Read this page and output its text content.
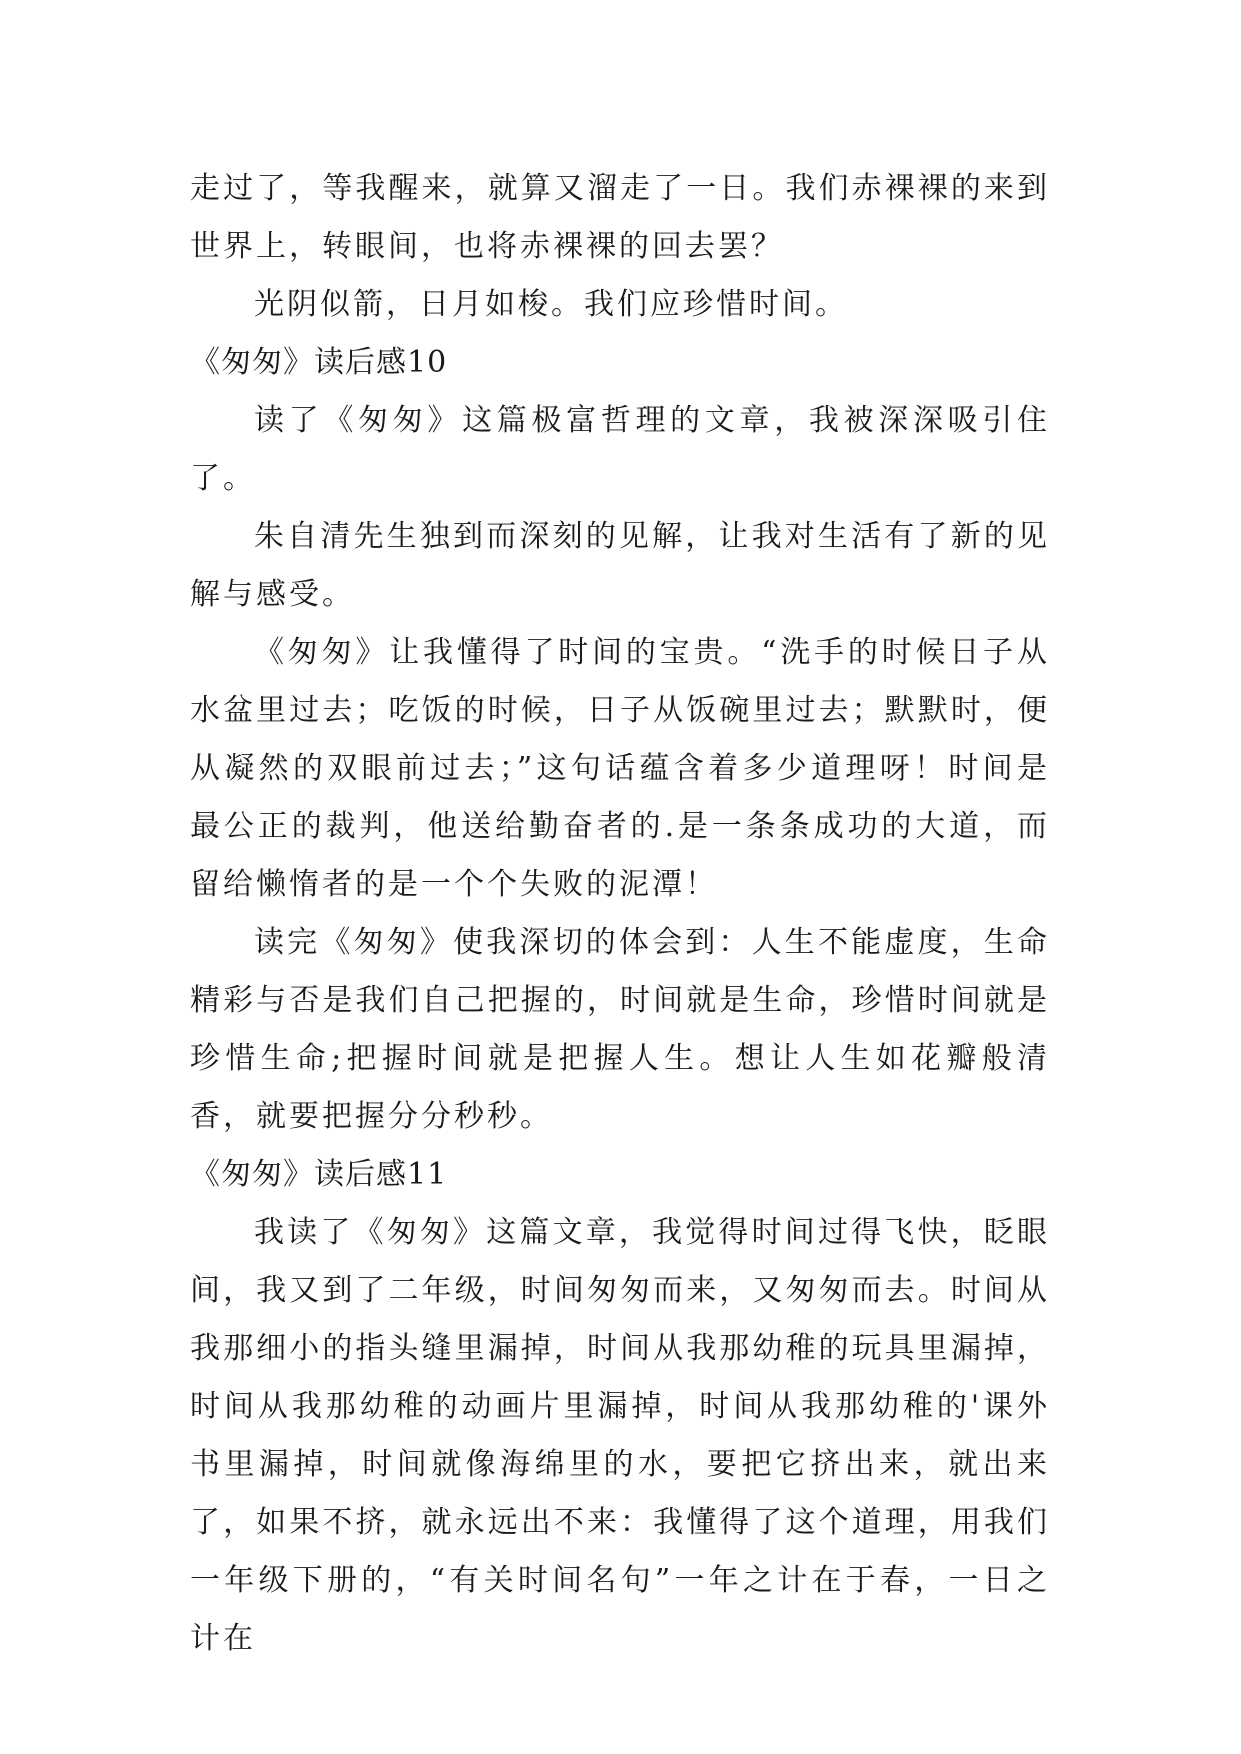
走过了，等我醒来，就算又溜走了一日。我们赤裸裸的来到世界上，转眼间，也将赤裸裸的回去罢？

光阴似箭，日月如梭。我们应珍惜时间。

《匆匆》读后感10

读了《匆匆》这篇极富哲理的文章，我被深深吸引住了。

朱自清先生独到而深刻的见解，让我对生活有了新的见解与感受。

《匆匆》让我懂得了时间的宝贵。“洗手的时候日子从水盆里过去；吃饭的时候，日子从饭碗里过去；默默时，便从凝然的双眼前过去；”这句话蕴含着多少道理呀！时间是最公正的裁判，他送给勤奋者的.是一条条成功的大道，而留给懒惰者的是一个个失败的泥潭！

读完《匆匆》使我深切的体会到：人生不能虚度，生命精彩与否是我们自己把握的，时间就是生命，珍惜时间就是珍惜生命;把握时间就是把握人生。想让人生如花瓣般清香，就要把握分分秒秒。

《匆匆》读后感11

我读了《匆匆》这篇文章，我觉得时间过得飞快，眨眼间，我又到了二年级，时间匆匆而来，又匆匆而去。时间从我那细小的指头缝里漏掉，时间从我那幼稚的玩具里漏掉，时间从我那幼稚的动画片里漏掉，时间从我那幼稚的'课外书里漏掉，时间就像海绵里的水，要把它挤出来，就出来了，如果不挤，就永远出不来：我懂得了这个道理，用我们一年级下册的，“有关时间名句”一年之计在于春，一日之计在
